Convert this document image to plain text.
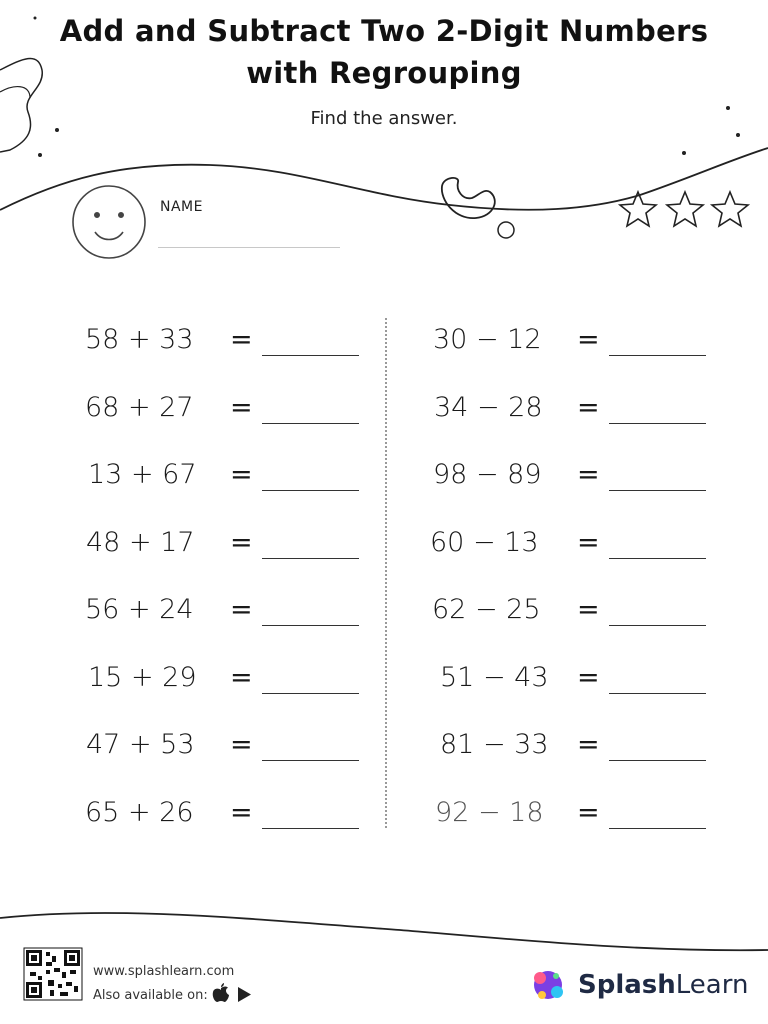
Add and Subtract Two 2-Digit Numbers
with Regrouping
Find the answer.
NAME
58 + 33 =
68 + 27 =
13 + 67 =
48 + 17 =
56 + 24 =
15 + 29 =
47 + 53 =
65 + 26 =
30 − 12 =
34 − 28 =
98 − 89 =
60 − 13 =
62 − 25 =
51 − 43 =
81 − 33 =
92 − 18 =
www.splashlearn.com
Also available on:	SplashLearn
